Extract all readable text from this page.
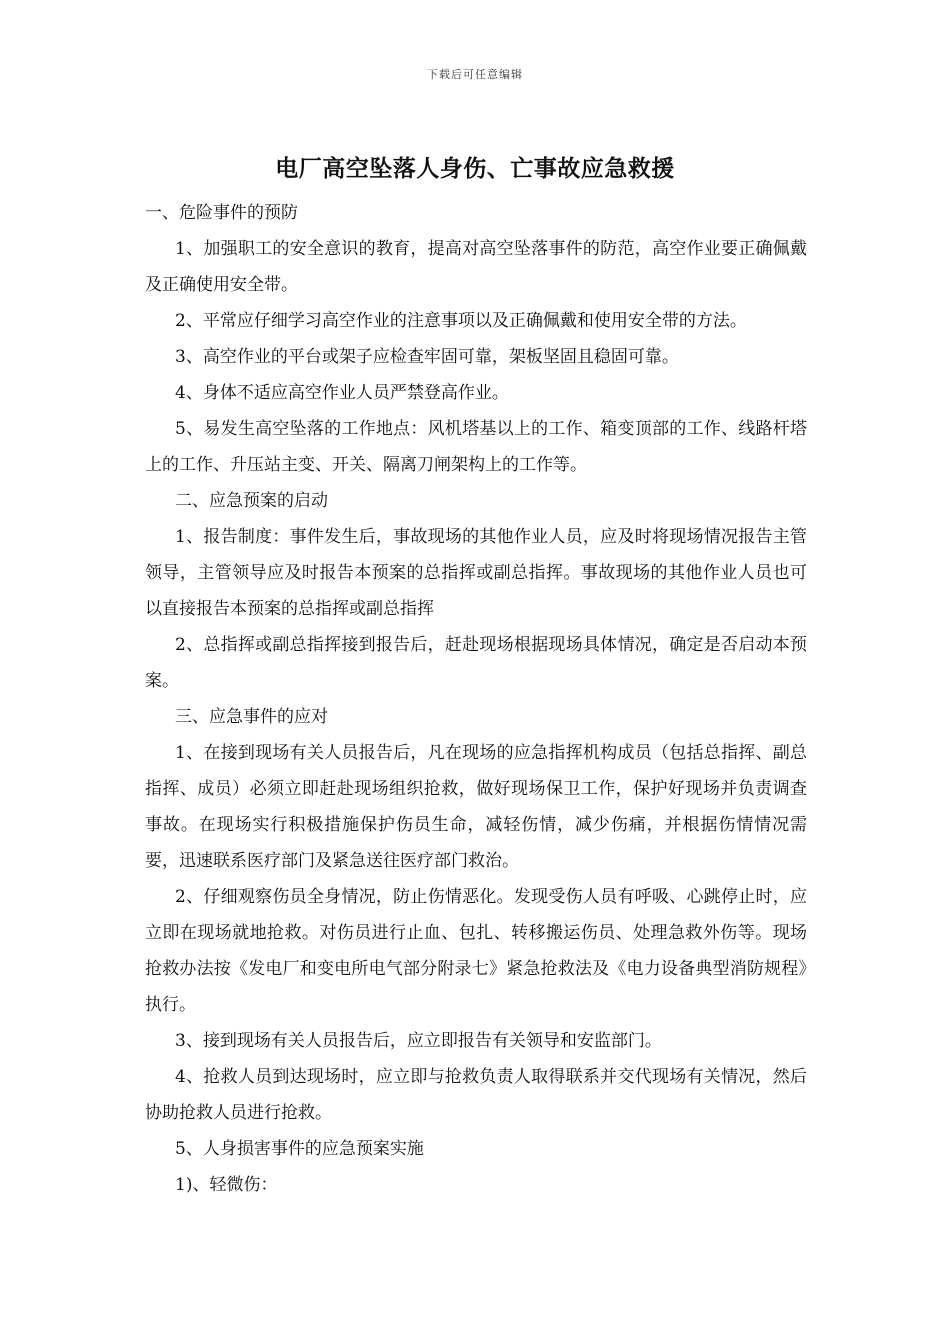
下载后可任意编辑
电厂高空坠落人身伤、亡事故应急救援

一、危险事件的预防

1、加强职工的安全意识的教育，提高对高空坠落事件的防范，高空作业要正确佩戴及正确使用安全带。

2、平常应仔细学习高空作业的注意事项以及正确佩戴和使用安全带的方法。

3、高空作业的平台或架子应检查牢固可靠，架板坚固且稳固可靠。

4、身体不适应高空作业人员严禁登高作业。

5、易发生高空坠落的工作地点：风机塔基以上的工作、箱变顶部的工作、线路杆塔上的工作、升压站主变、开关、隔离刀闸架构上的工作等。

二、应急预案的启动

1、报告制度：事件发生后，事故现场的其他作业人员，应及时将现场情况报告主管领导，主管领导应及时报告本预案的总指挥或副总指挥。事故现场的其他作业人员也可以直接报告本预案的总指挥或副总指挥

2、总指挥或副总指挥接到报告后，赶赴现场根据现场具体情况，确定是否启动本预案。

三、应急事件的应对

1、在接到现场有关人员报告后，凡在现场的应急指挥机构成员（包括总指挥、副总指挥、成员）必须立即赶赴现场组织抢救，做好现场保卫工作，保护好现场并负责调查事故。在现场实行积极措施保护伤员生命，减轻伤情，减少伤痛，并根据伤情情况需要，迅速联系医疗部门及紧急送往医疗部门救治。

2、仔细观察伤员全身情况，防止伤情恶化。发现受伤人员有呼吸、心跳停止时，应立即在现场就地抢救。对伤员进行止血、包扎、转移搬运伤员、处理急救外伤等。现场抢救办法按《发电厂和变电所电气部分附录七》紧急抢救法及《电力设备典型消防规程》执行。

3、接到现场有关人员报告后，应立即报告有关领导和安监部门。

4、抢救人员到达现场时，应立即与抢救负责人取得联系并交代现场有关情况，然后协助抢救人员进行抢救。

5、人身损害事件的应急预案实施

1)、轻微伤：
